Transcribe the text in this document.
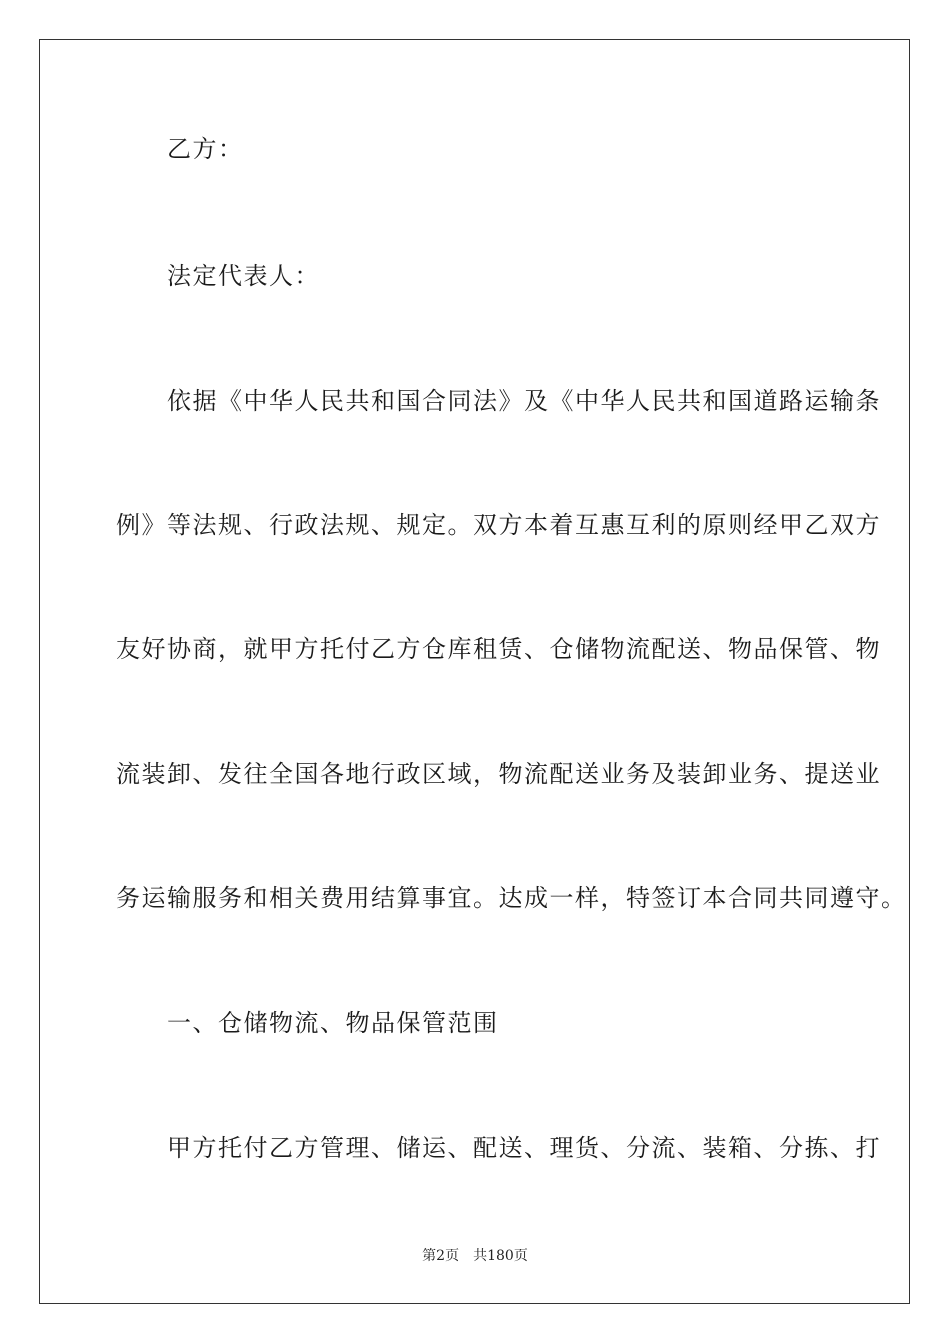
　　乙方：
　　法定代表人：
　　依据《中华人民共和国合同法》及《中华人民共和国道路运输条
例》等法规、行政法规、规定。双方本着互惠互利的原则经甲乙双方
友好协商，就甲方托付乙方仓库租赁、仓储物流配送、物品保管、物
流装卸、发往全国各地行政区域，物流配送业务及装卸业务、提送业
务运输服务和相关费用结算事宜。达成一样，特签订本合同共同遵守。
　　一、仓储物流、物品保管范围
　　甲方托付乙方管理、储运、配送、理货、分流、装箱、分拣、打
第2页 共180页
